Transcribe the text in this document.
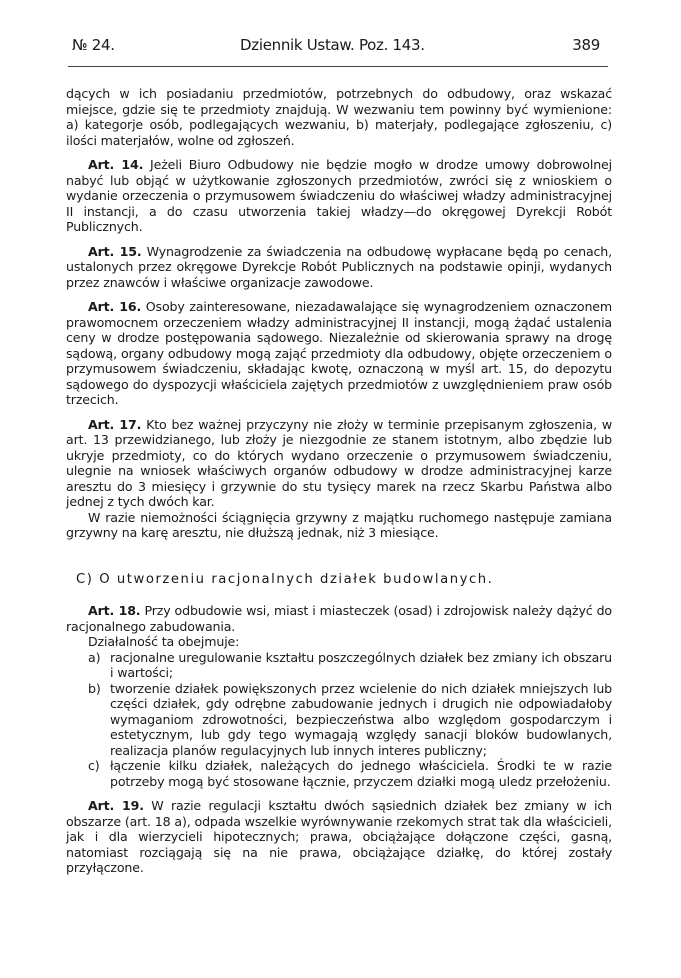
№ 24.	Dziennik Ustaw. Poz. 143.	389

dących w ich posiadaniu przedmiotów, potrzebnych do odbudowy, oraz wskazać miejsce, gdzie się te przedmioty znajdują. W wezwaniu tem powinny być wymienione: a) kategorje osób, podlegających wezwaniu, b) materjały, podlegające zgłoszeniu, c) ilości materjałów, wolne od zgłoszeń.

Art. 14. Jeżeli Biuro Odbudowy nie będzie mogło w drodze umowy dobrowolnej nabyć lub objąć w użytkowanie zgłoszonych przedmiotów, zwróci się z wnioskiem o wydanie orzeczenia o przymusowem świadczeniu do właściwej władzy administracyjnej II instancji, a do czasu utworzenia takiej władzy—do okręgowej Dyrekcji Robót Publicznych.

Art. 15. Wynagrodzenie za świadczenia na odbudowę wypłacane będą po cenach, ustalonych przez okręgowe Dyrekcje Robót Publicznych na podstawie opinji, wydanych przez znawców i właściwe organizacje zawodowe.

Art. 16. Osoby zainteresowane, niezadawalające się wynagrodzeniem oznaczonem prawomocnem orzeczeniem władzy administracyjnej II instancji, mogą żądać ustalenia ceny w drodze postępowania sądowego. Niezależnie od skierowania sprawy na drogę sądową, organy odbudowy mogą zająć przedmioty dla odbudowy, objęte orzeczeniem o przymusowem świadczeniu, składając kwotę, oznaczoną w myśl art. 15, do depozytu sądowego do dyspozycji właściciela zajętych przedmiotów z uwzględnieniem praw osób trzecich.

Art. 17. Kto bez ważnej przyczyny nie złoży w terminie przepisanym zgłoszenia, w art. 13 przewidzianego, lub złoży je niezgodnie ze stanem istotnym, albo zbędzie lub ukryje przedmioty, co do których wydano orzeczenie o przymusowem świadczeniu, ulegnie na wniosek właściwych organów odbudowy w drodze administracyjnej karze aresztu do 3 miesięcy i grzywnie do stu tysięcy marek na rzecz Skarbu Państwa albo jednej z tych dwóch kar.

W razie niemożności ściągnięcia grzywny z majątku ruchomego następuje zamiana grzywny na karę aresztu, nie dłuższą jednak, niż 3 miesiące.

C) O utworzeniu racjonalnych działek budowlanych.

Art. 18. Przy odbudowie wsi, miast i miasteczek (osad) i zdrojowisk należy dążyć do racjonalnego zabudowania.

Działalność ta obejmuje:

a) racjonalne uregulowanie kształtu poszczególnych działek bez zmiany ich obszaru i wartości;

b) tworzenie działek powiększonych przez wcielenie do nich działek mniejszych lub części działek, gdy odrębne zabudowanie jednych i drugich nie odpowiadałoby wymaganiom zdrowotności, bezpieczeństwa albo względom gospodarczym i estetycznym, lub gdy tego wymagają względy sanacji bloków budowlanych, realizacja planów regulacyjnych lub innych interes publiczny;

c) łączenie kilku działek, należących do jednego właściciela. Środki te w razie potrzeby mogą być stosowane łącznie, przyczem działki mogą uledz przełożeniu.

Art. 19. W razie regulacji kształtu dwóch sąsiednich działek bez zmiany w ich obszarze (art. 18 a), odpada wszelkie wyrównywanie rzekomych strat tak dla właścicieli, jak i dla wierzycieli hipotecznych; prawa, obciążające dołączone części, gasną, natomiast rozciągają się na nie prawa, obciążające działkę, do której zostały przyłączone.
